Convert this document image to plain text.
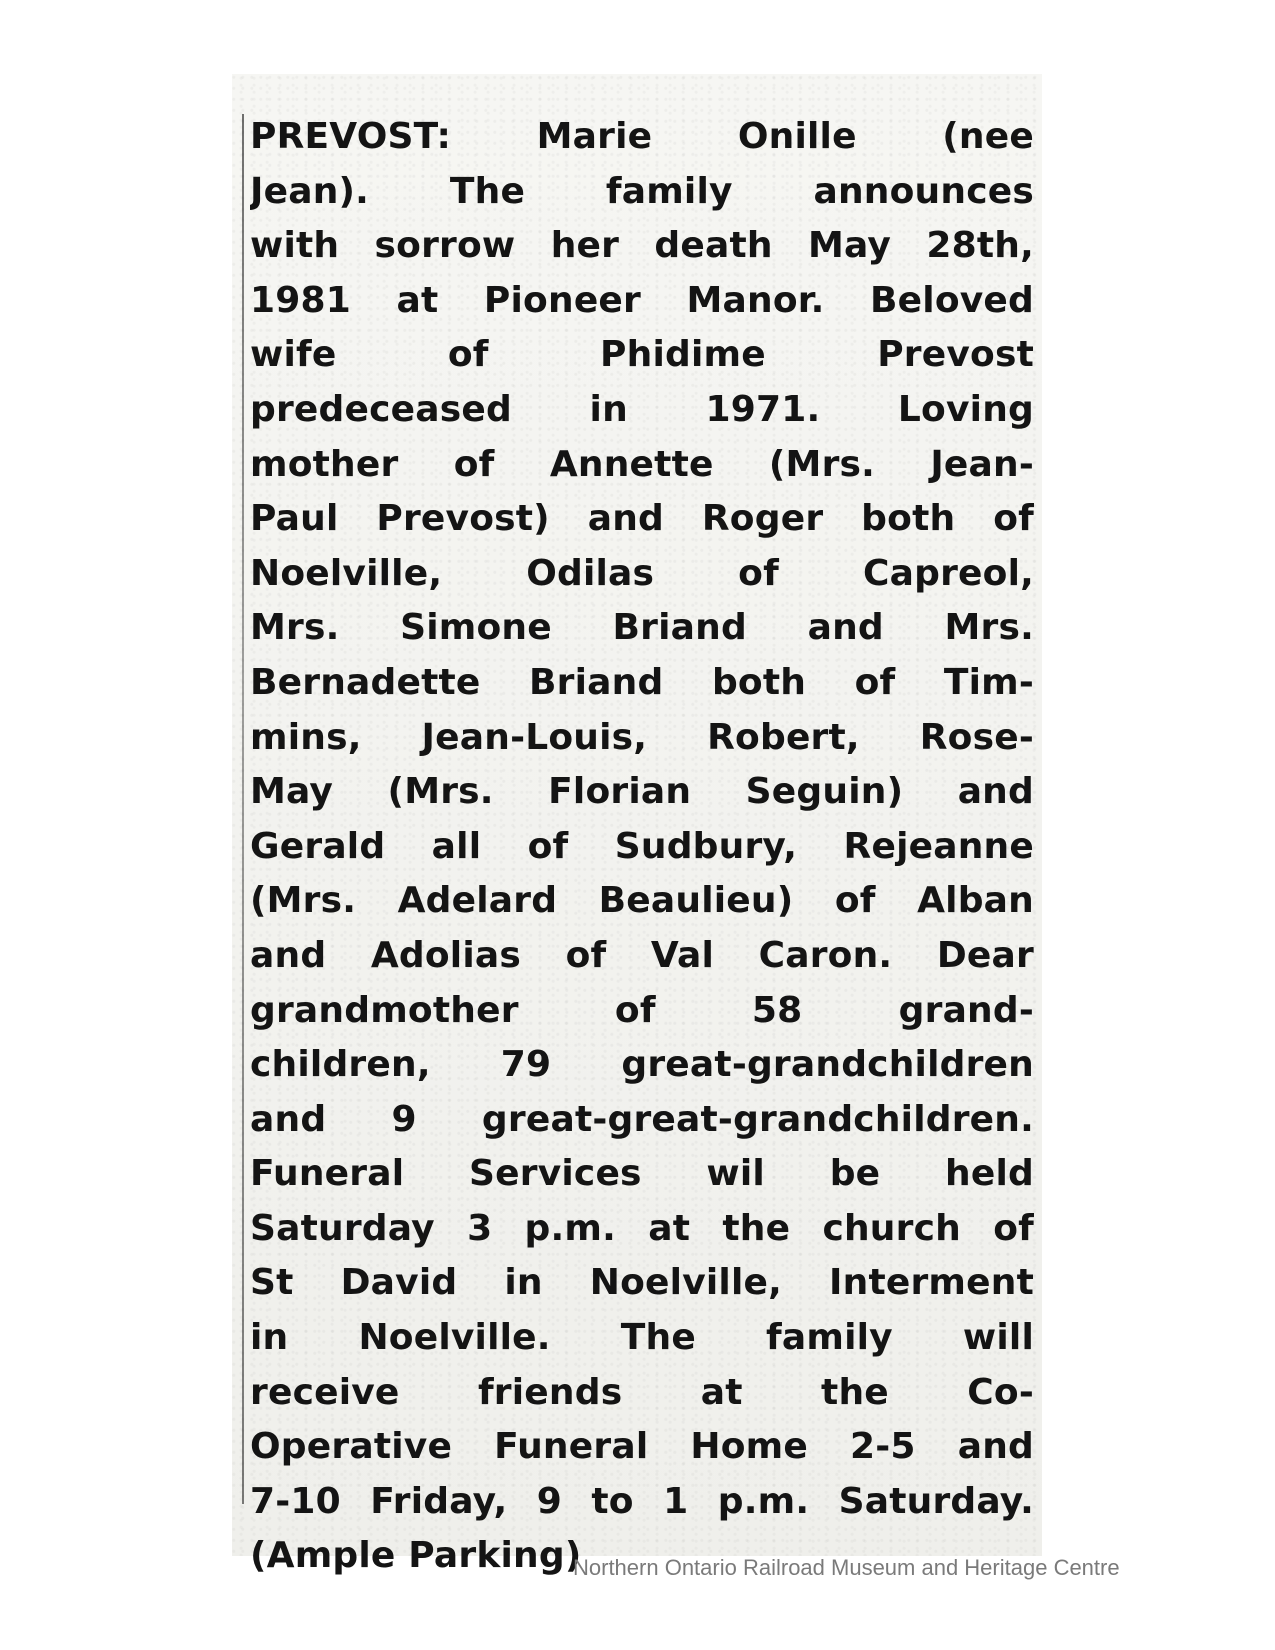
PREVOST: Marie Onille (nee
Jean). The family announces
with sorrow her death May 28th,
1981 at Pioneer Manor. Beloved
wife of Phidime Prevost
predeceased in 1971. Loving
mother of Annette (Mrs. Jean-
Paul Prevost) and Roger both of
Noelville, Odilas of Capreol,
Mrs. Simone Briand and Mrs.
Bernadette Briand both of Tim-
mins, Jean-Louis, Robert, Rose-
May (Mrs. Florian Seguin) and
Gerald all of Sudbury, Rejeanne
(Mrs. Adelard Beaulieu) of Alban
and Adolias of Val Caron. Dear
grandmother of 58 grand-
children, 79 great-grandchildren
and 9 great-great-grandchildren.
Funeral Services wil be held
Saturday 3 p.m. at the church of
St David in Noelville, Interment
in Noelville. The family will
receive friends at the Co-
Operative Funeral Home 2-5 and
7-10 Friday, 9 to 1 p.m. Saturday.
(Ample Parking)
Northern Ontario Railroad Museum and Heritage Centre
